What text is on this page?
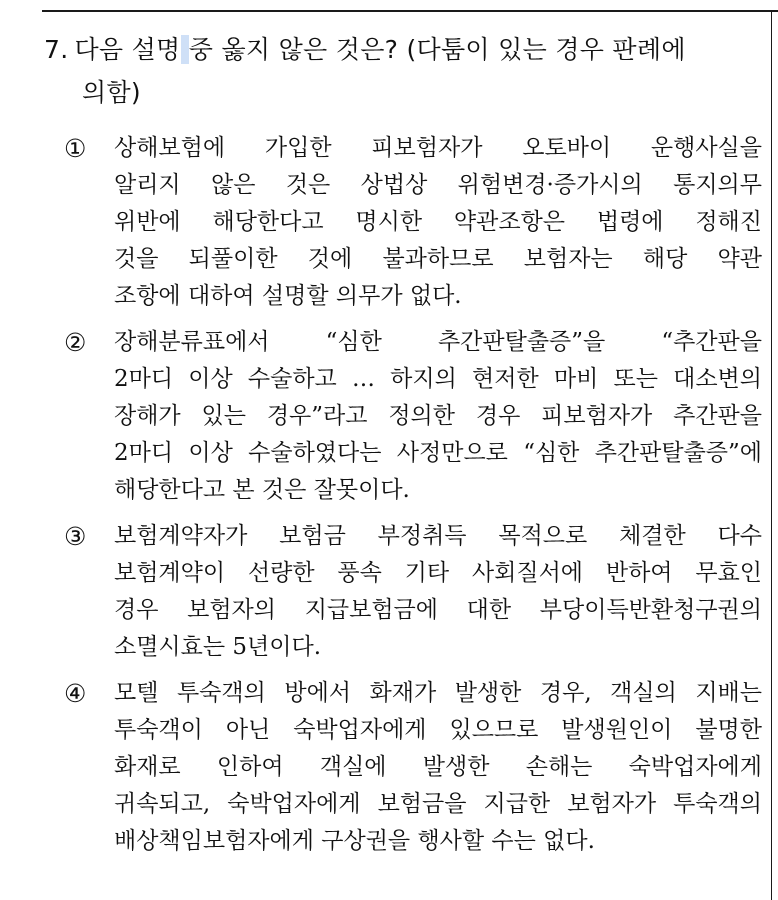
7. 다음 설명 중 옳지 않은 것은? (다툼이 있는 경우 판례에
의함)
① 상해보험에 가입한 피보험자가 오토바이 운행사실을
알리지 않은 것은 상법상 위험변경·증가시의 통지의무
위반에 해당한다고 명시한 약관조항은 법령에 정해진
것을 되풀이한 것에 불과하므로 보험자는 해당 약관
조항에 대하여 설명할 의무가 없다.
② 장해분류표에서 “심한 추간판탈출증”을 “추간판을
2마디 이상 수술하고 … 하지의 현저한 마비 또는 대소변의
장해가 있는 경우”라고 정의한 경우 피보험자가 추간판을
2마디 이상 수술하였다는 사정만으로 “심한 추간판탈출증”에
해당한다고 본 것은 잘못이다.
③ 보험계약자가 보험금 부정취득 목적으로 체결한 다수
보험계약이 선량한 풍속 기타 사회질서에 반하여 무효인
경우 보험자의 지급보험금에 대한 부당이득반환청구권의
소멸시효는 5년이다.
④ 모텔 투숙객의 방에서 화재가 발생한 경우, 객실의 지배는
투숙객이 아닌 숙박업자에게 있으므로 발생원인이 불명한
화재로 인하여 객실에 발생한 손해는 숙박업자에게
귀속되고, 숙박업자에게 보험금을 지급한 보험자가 투숙객의
배상책임보험자에게 구상권을 행사할 수는 없다.
